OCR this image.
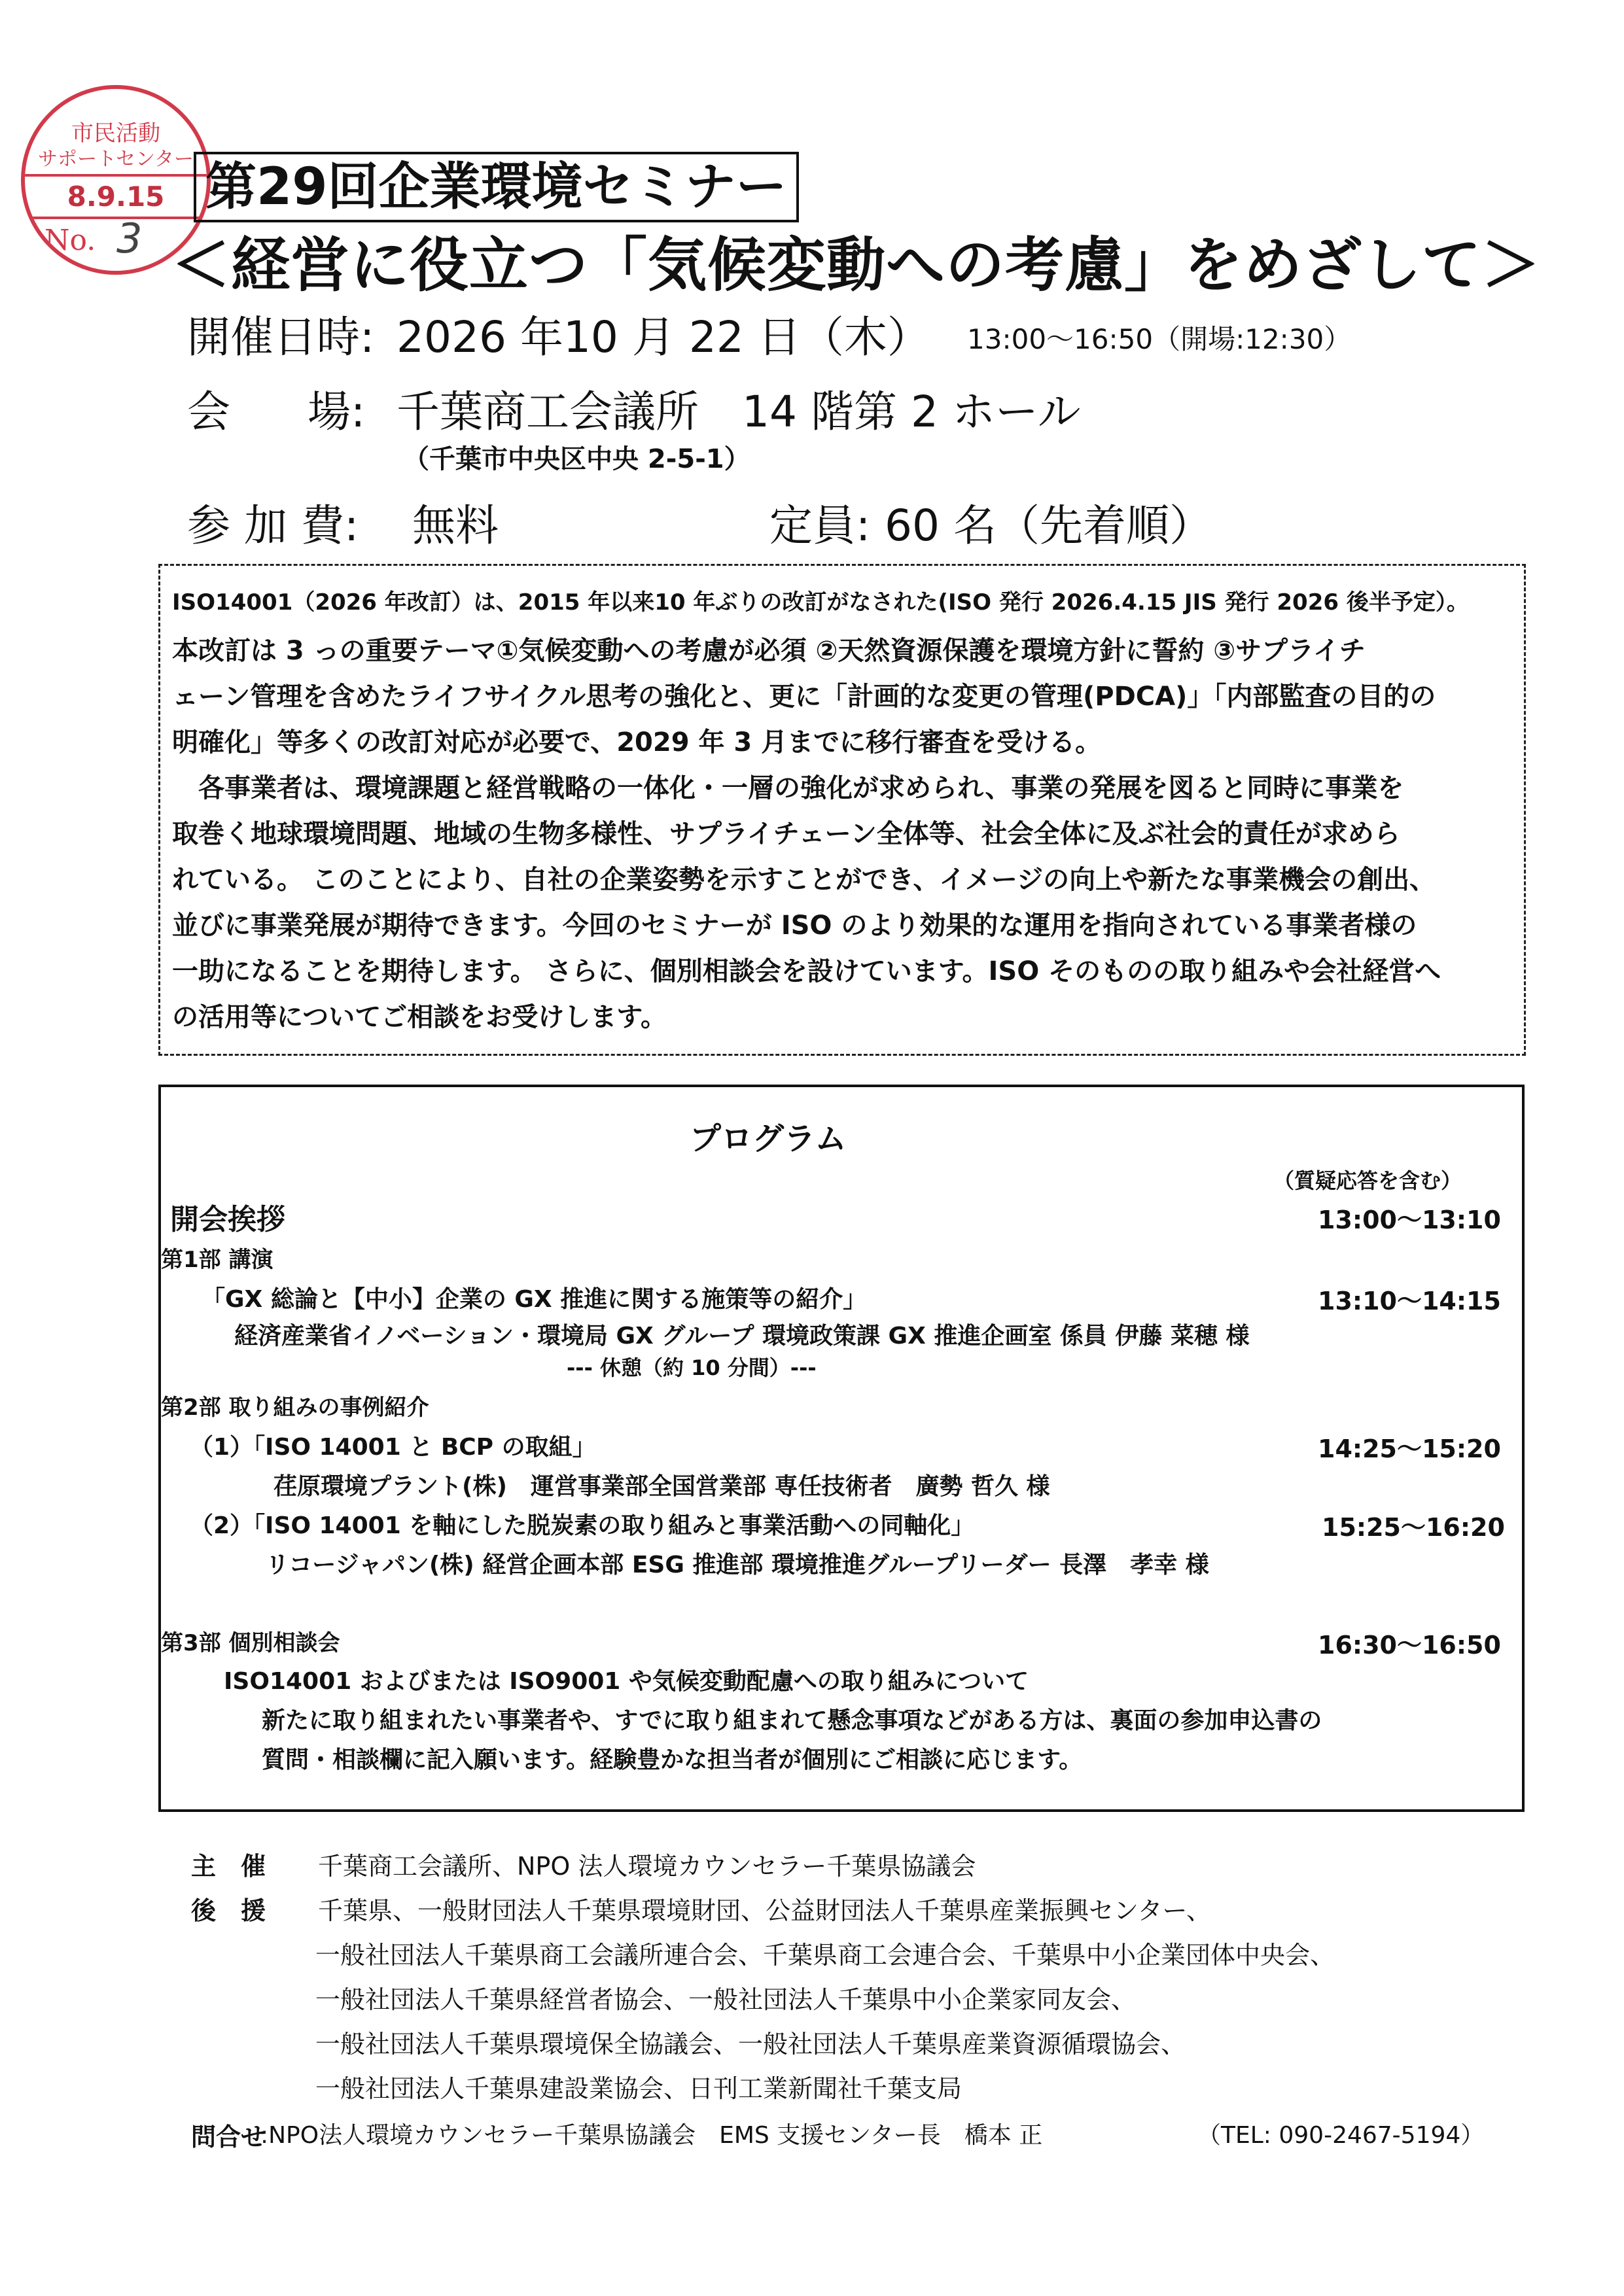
市民活動
サポートセンター
8.9.15
No. 3
第29回企業環境セミナー
＜経営に役立つ「気候変動への考慮」をめざして＞
開催日時: 2026 年10 月 22 日（木） 13:00～16:50（開場:12:30）
会 場: 千葉商工会議所　14 階第 2 ホール
（千葉市中央区中央 2-5-1）
参 加 費: 無料	定員: 60 名（先着順）
ISO14001（2026 年改訂）は、2015 年以来10 年ぶりの改訂がなされた(ISO 発行 2026.4.15 JIS 発行 2026 後半予定）。
本改訂は 3 っの重要テーマ①気候変動への考慮が必須 ②天然資源保護を環境方針に誓約 ③サプライチ
ェーン管理を含めたライフサイクル思考の強化と、更に「計画的な変更の管理(PDCA)」「内部監査の目的の
明確化」等多くの改訂対応が必要で、2029 年 3 月までに移行審査を受ける。
各事業者は、環境課題と経営戦略の一体化・一層の強化が求められ、事業の発展を図ると同時に事業を
取巻く地球環境問題、地域の生物多様性、サプライチェーン全体等、社会全体に及ぶ社会的責任が求めら
れている。 このことにより、自社の企業姿勢を示すことができ、イメージの向上や新たな事業機会の創出、
並びに事業発展が期待できます。今回のセミナーが ISO のより効果的な運用を指向されている事業者様の
一助になることを期待します。 さらに、個別相談会を設けています。ISO そのものの取り組みや会社経営へ
の活用等についてご相談をお受けします。
プログラム
（質疑応答を含む）
開会挨拶	13:00～13:10
第1部 講演
「GX 総論と【中小】企業の GX 推進に関する施策等の紹介」	13:10～14:15
経済産業省イノベーション・環境局 GX グループ 環境政策課 GX 推進企画室 係員 伊藤 菜穂 様
--- 休憩（約 10 分間）---
第2部 取り組みの事例紹介
（1）「ISO 14001 と BCP の取組」	14:25～15:20
荏原環境プラント(株)　運営事業部全国営業部 専任技術者　廣勢 哲久 様
（2）「ISO 14001 を軸にした脱炭素の取り組みと事業活動への同軸化」	15:25～16:20
リコージャパン(株) 経営企画本部 ESG 推進部 環境推進グループリーダー 長澤　孝幸 様
第3部 個別相談会	16:30～16:50
ISO14001 およびまたは ISO9001 や気候変動配慮への取り組みについて
新たに取り組まれたい事業者や、すでに取り組まれて懸念事項などがある方は、裏面の参加申込書の
質問・相談欄に記入願います。経験豊かな担当者が個別にご相談に応じます。
主　催 千葉商工会議所、NPO 法人環境カウンセラー千葉県協議会
後　援 千葉県、一般財団法人千葉県環境財団、公益財団法人千葉県産業振興センター、
一般社団法人千葉県商工会議所連合会、千葉県商工会連合会、千葉県中小企業団体中央会、
一般社団法人千葉県経営者協会、一般社団法人千葉県中小企業家同友会、
一般社団法人千葉県環境保全協議会、一般社団法人千葉県産業資源循環協会、
一般社団法人千葉県建設業協会、日刊工業新聞社千葉支局
問合せ
:NPO法人環境カウンセラー千葉県協議会　EMS 支援センター長　橋本 正	（TEL: 090-2467-5194）
